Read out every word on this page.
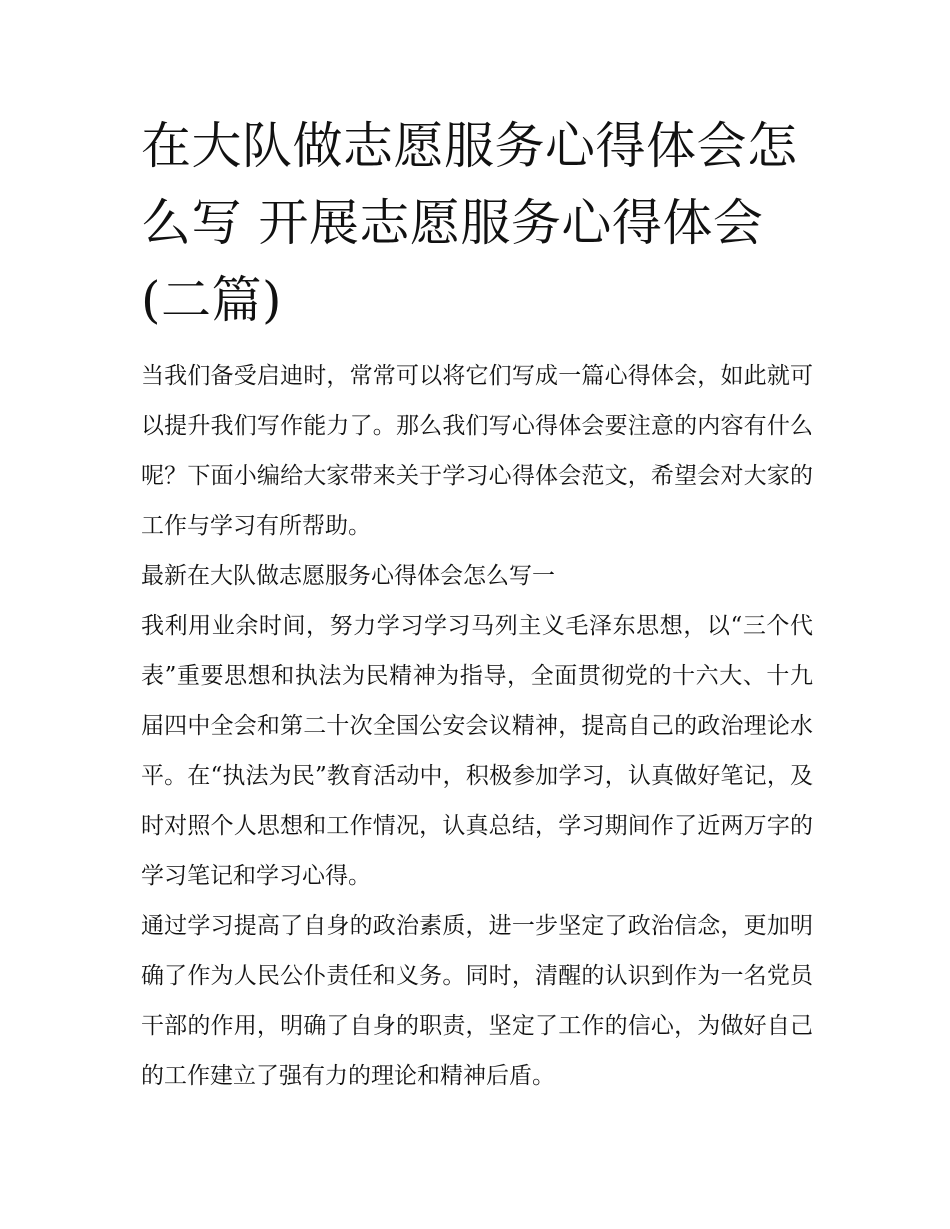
在大队做志愿服务心得体会怎
么写 开展志愿服务心得体会
(二篇)

当我们备受启迪时，常常可以将它们写成一篇心得体会，如此就可以提升我们写作能力了。那么我们写心得体会要注意的内容有什么呢？下面小编给大家带来关于学习心得体会范文，希望会对大家的工作与学习有所帮助。

最新在大队做志愿服务心得体会怎么写一

我利用业余时间，努力学习学习马列主义毛泽东思想，以“三个代表”重要思想和执法为民精神为指导，全面贯彻党的十六大、十九届四中全会和第二十次全国公安会议精神，提高自己的政治理论水平。在“执法为民”教育活动中，积极参加学习，认真做好笔记，及时对照个人思想和工作情况，认真总结，学习期间作了近两万字的学习笔记和学习心得。

通过学习提高了自身的政治素质，进一步坚定了政治信念，更加明确了作为人民公仆责任和义务。同时，清醒的认识到作为一名党员干部的作用，明确了自身的职责，坚定了工作的信心，为做好自己的工作建立了强有力的理论和精神后盾。
